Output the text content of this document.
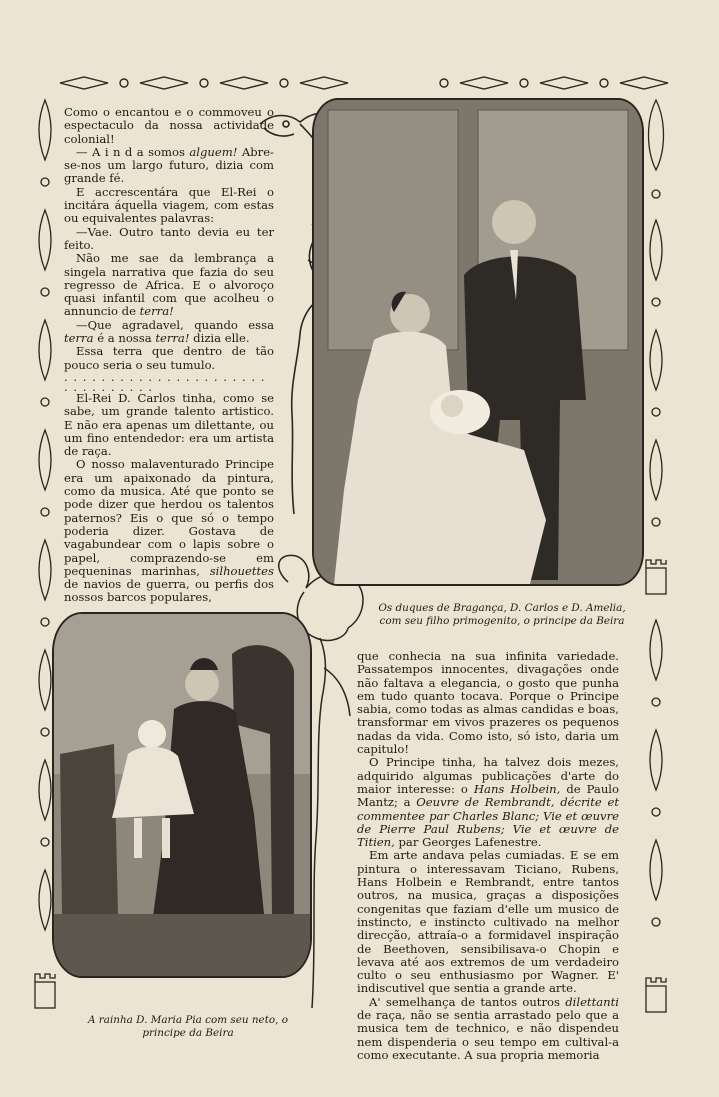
Como o encantou e o commoveu o espectaculo da nossa actividade colonial!

— A i n d a somos alguem! Abre-se-nos um largo futuro, dizia com grande fé.

E accrescentára que El-Rei o incitára áquella viagem, com estas ou equivalentes palavras:

—Vae. Outro tanto devia eu ter feito.

Não me sae da lembrança a singela narrativa que fazia do seu regresso de Africa. E o alvoroço quasi infantil com que acolheu o annuncio de terra!

—Que agradavel, quando essa terra é a nossa terra! dizia elle.

Essa terra que dentro de tão pouco seria o seu tumulo.

. . . . . . . . . . . . . . . . . . . . . . . . . . . . . . . .

El-Rei D. Carlos tinha, como se sabe, um grande talento artistico. E não era apenas um dilettante, ou um fino entendedor: era um artista de raça.

O nosso malaventurado Principe era um apaixonado da pintura, como da musica. Até que ponto se pode dizer que herdou os talentos paternos? Eis o que só o tempo poderia dizer. Gostava de vagabundear com o lapis sobre o papel, comprazendo-se em pequeninas marinhas, silhouettes de navios de guerra, ou perfis dos nossos barcos populares,

Os duques de Bragança, D. Carlos e D. Amelia, com seu filho primogenito, o principe da Beira
A rainha D. Maria Pia com seu neto, o principe da Beira

que conhecia na sua infinita variedade. Passatempos innocentes, divagações onde não faltava a elegancia, o gosto que punha em tudo quanto tocava. Porque o Principe sabia, como todas as almas candidas e boas, transformar em vivos prazeres os pequenos nadas da vida. Como isto, só isto, daria um capitulo!

O Principe tinha, ha talvez dois mezes, adquirido algumas publicações d'arte do maior interesse: o Hans Holbein, de Paulo Mantz; a Oeuvre de Rembrandt, décrite et commentee par Charles Blanc; Vie et œuvre de Pierre Paul Rubens; Vie et œuvre de Titien, par Georges Lafenestre.

Em arte andava pelas cumiadas. E se em pintura o interessavam Ticiano, Rubens, Hans Holbein e Rembrandt, entre tantos outros, na musica, graças a disposições congenitas que faziam d'elle um musico de instincto, e instincto cultivado na melhor direcção, attraía-o a formidavel inspiração de Beethoven, sensibilisava-o Chopin e levava até aos extremos de um verdadeiro culto o seu enthusiasmo por Wagner. E' indiscutivel que sentia a grande arte.

A' semelhança de tantos outros dilettanti de raça, não se sentia arrastado pelo que a musica tem de technico, e não dispendeu nem dispenderia o seu tempo em cultival-a como executante. A sua propria memoria
